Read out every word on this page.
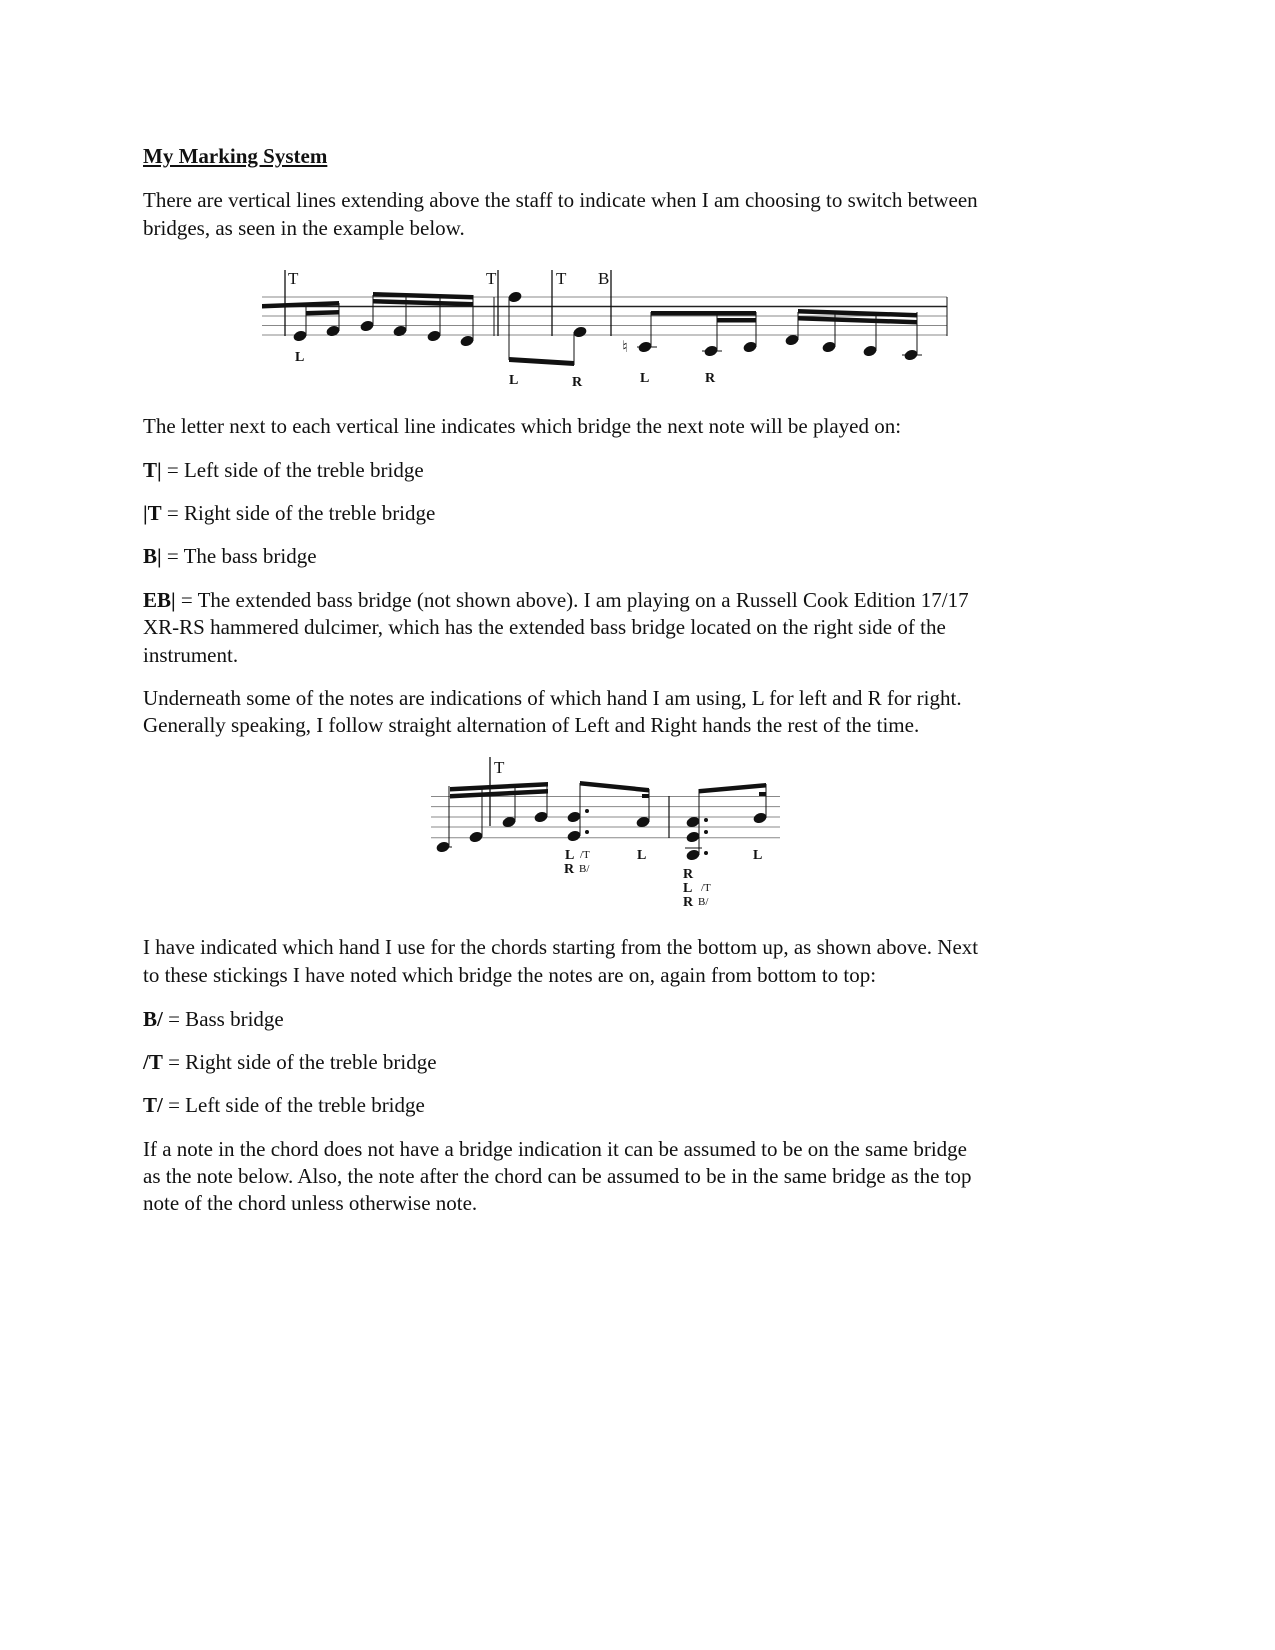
My Marking System
There are vertical lines extending above the staff to indicate when I am choosing to switch between
bridges, as seen in the example below.
The letter next to each vertical line indicates which bridge the next note will be played on:
T| = Left side of the treble bridge
|T = Right side of the treble bridge
B| = The bass bridge
EB| = The extended bass bridge (not shown above). I am playing on a Russell Cook Edition 17/17
XR-RS hammered dulcimer, which has the extended bass bridge located on the right side of the
instrument.
Underneath some of the notes are indications of which hand I am using, L for left and R for right.
Generally speaking, I follow straight alternation of Left and Right hands the rest of the time.
I have indicated which hand I use for the chords starting from the bottom up, as shown above. Next
to these stickings I have noted which bridge the notes are on, again from bottom to top:
B/ = Bass bridge
/T = Right side of the treble bridge
T/ = Left side of the treble bridge
If a note in the chord does not have a bridge indication it can be assumed to be on the same bridge
as the note below. Also, the note after the chord can be assumed to be in the same bridge as the top
note of the chord unless otherwise note.
♮
T	T	T B
L
L	R	L	R
T
L /T
R B/
L
R
L /T
R B/
L
